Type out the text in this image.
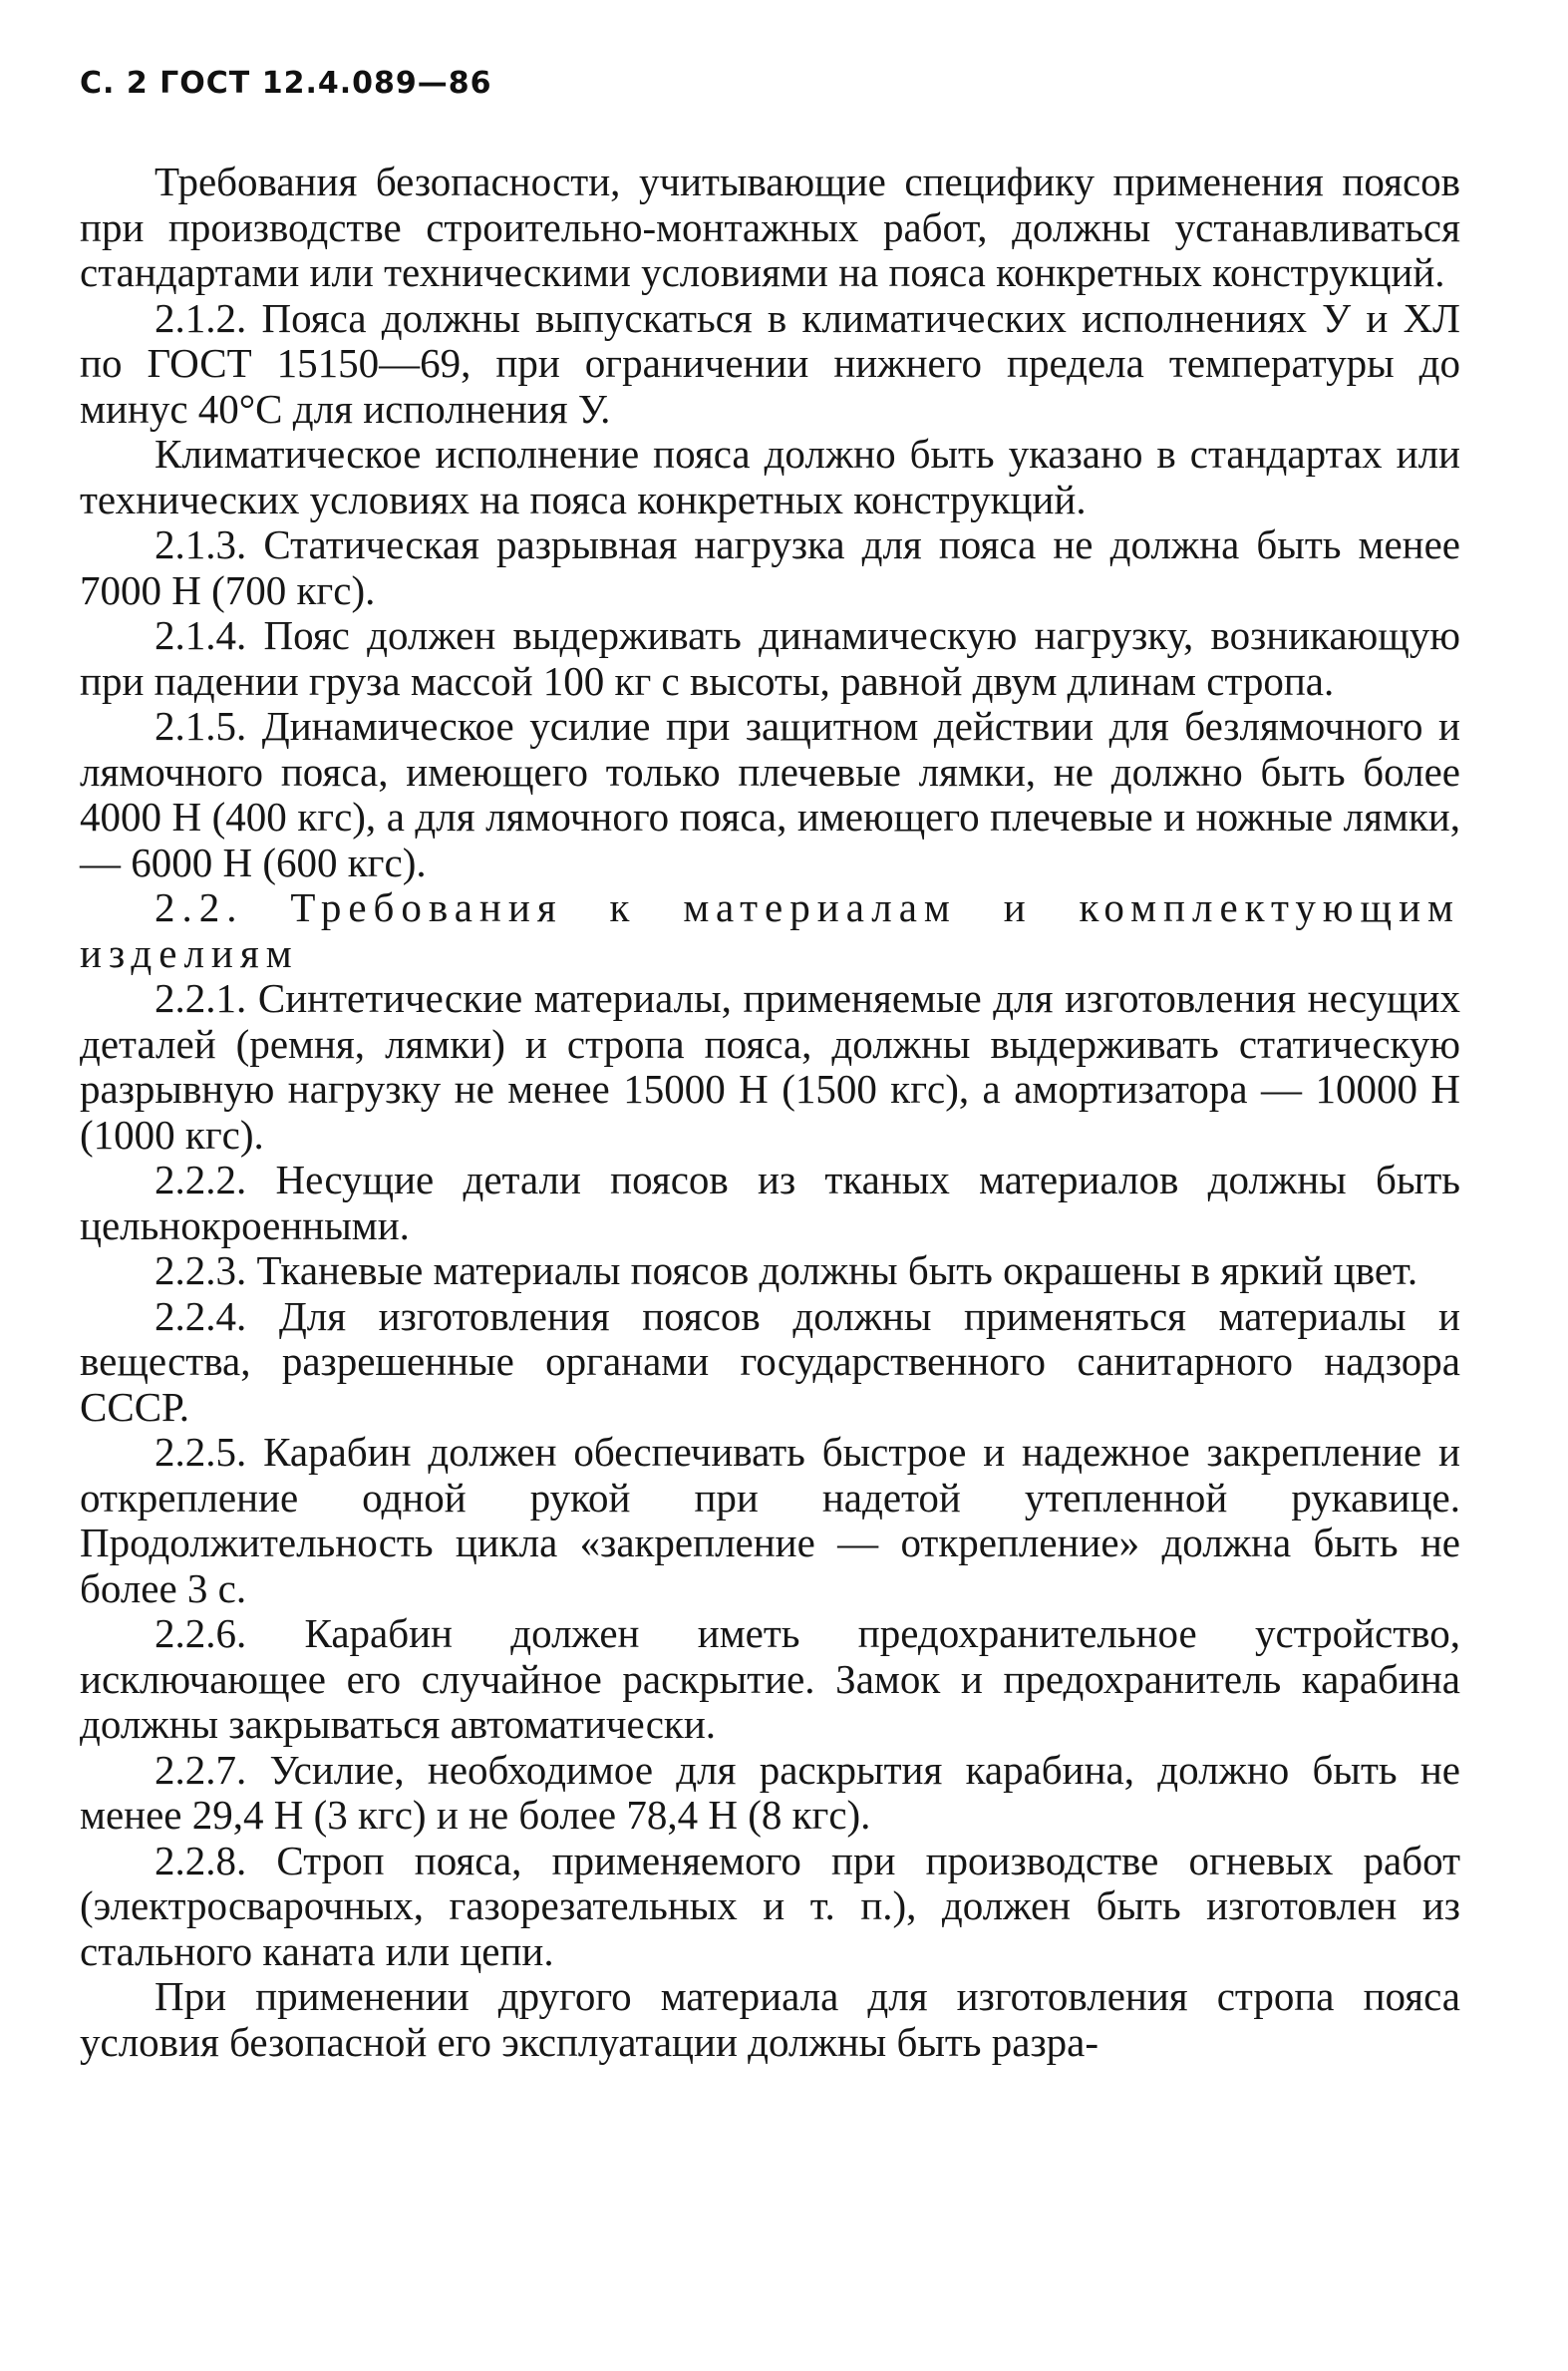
С. 2 ГОСТ 12.4.089—86

Требования безопасности, учитывающие специфику применения поясов при производстве строительно-монтажных работ, должны устанавливаться стандартами или техническими условиями на пояса конкретных конструкций.

2.1.2. Пояса должны выпускаться в климатических исполнениях У и ХЛ по ГОСТ 15150—69, при ограничении нижнего предела температуры до минус 40°С для исполнения У.

Климатическое исполнение пояса должно быть указано в стандартах или технических условиях на пояса конкретных конструкций.

2.1.3. Статическая разрывная нагрузка для пояса не должна быть менее 7000 Н (700 кгс).

2.1.4. Пояс должен выдерживать динамическую нагрузку, возникающую при падении груза массой 100 кг с высоты, равной двум длинам стропа.

2.1.5. Динамическое усилие при защитном действии для безлямочного и лямочного пояса, имеющего только плечевые лямки, не должно быть более 4000 Н (400 кгс), а для лямочного пояса, имеющего плечевые и ножные лямки, — 6000 Н (600 кгс).

2.2. Требования к материалам и комплектующим изделиям

2.2.1. Синтетические материалы, применяемые для изготовления несущих деталей (ремня, лямки) и стропа пояса, должны выдерживать статическую разрывную нагрузку не менее 15000 Н (1500 кгс), а амортизатора — 10000 Н (1000 кгс).

2.2.2. Несущие детали поясов из тканых материалов должны быть цельнокроенными.

2.2.3. Тканевые материалы поясов должны быть окрашены в яркий цвет.

2.2.4. Для изготовления поясов должны применяться материалы и вещества, разрешенные органами государственного санитарного надзора СССР.

2.2.5. Карабин должен обеспечивать быстрое и надежное закрепление и открепление одной рукой при надетой утепленной рукавице. Продолжительность цикла «закрепление — открепление» должна быть не более 3 с.

2.2.6. Карабин должен иметь предохранительное устройство, исключающее его случайное раскрытие. Замок и предохранитель карабина должны закрываться автоматически.

2.2.7. Усилие, необходимое для раскрытия карабина, должно быть не менее 29,4 Н (3 кгс) и не более 78,4 Н (8 кгс).

2.2.8. Строп пояса, применяемого при производстве огневых работ (электросварочных, газорезательных и т. п.), должен быть изготовлен из стального каната или цепи.

При применении другого материала для изготовления стропа пояса условия безопасной его эксплуатации должны быть разра-
